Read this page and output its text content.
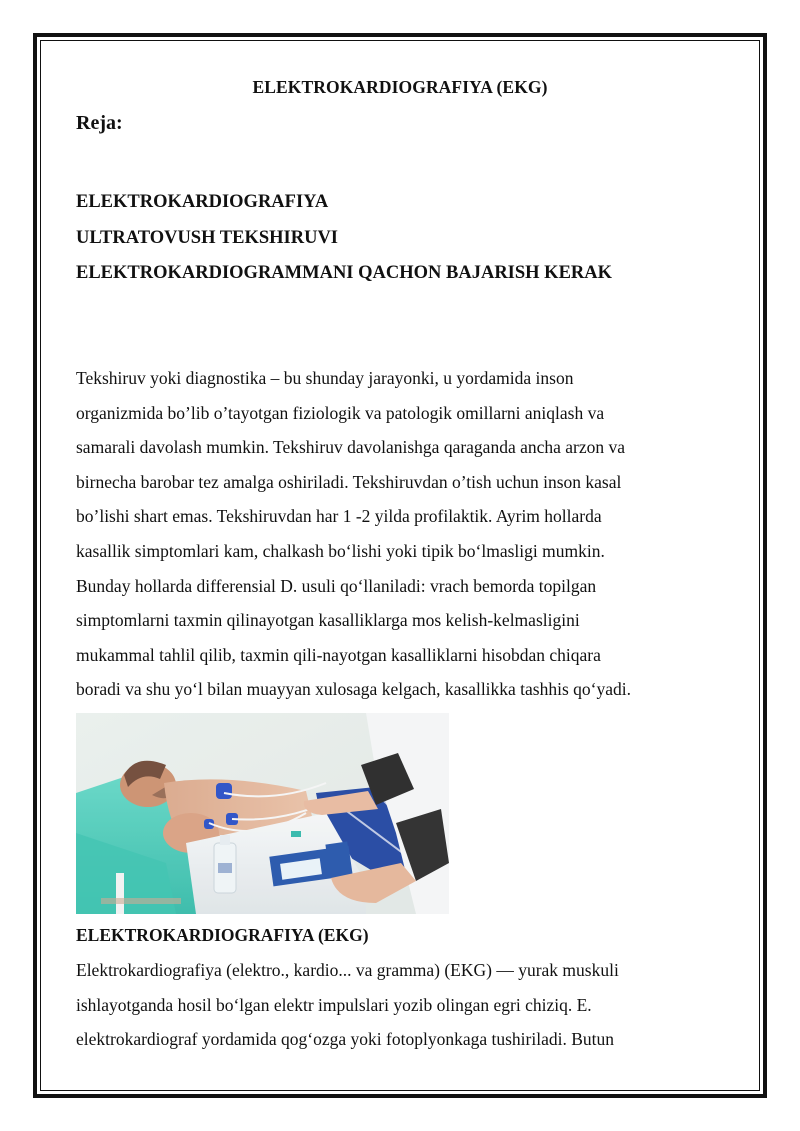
ELEKTROKARDIOGRAFIYA (EKG)
Reja:
ELEKTROKARDIOGRAFIYA
ULTRATOVUSH TEKSHIRUVI
ELEKTROKARDIOGRAMMANI QACHON BAJARISH KERAK

Tekshiruv yoki diagnostika – bu shunday jarayonki, u yordamida inson
organizmida bo’lib o’tayotgan fiziologik va patologik omillarni aniqlash va
samarali davolash mumkin. Tekshiruv davolanishga qaraganda ancha arzon va
birnecha barobar tez amalga oshiriladi. Tekshiruvdan o’tish uchun inson kasal
bo’lishi shart emas. Tekshiruvdan har 1 -2 yilda profilaktik. Ayrim hollarda
kasallik simptomlari kam, chalkash bo‘lishi yoki tipik bo‘lmasligi mumkin.
Bunday hollarda differensial D. usuli qo‘llaniladi: vrach bemorda topilgan
simptomlarni taxmin qilinayotgan kasalliklarga mos kelish-kelmasligini
mukammal tahlil qilib, taxmin qili-nayotgan kasalliklarni hisobdan chiqara
boradi va shu yo‘l bilan muayyan xulosaga kelgach, kasallikka tashhis qo‘yadi.

ELEKTROKARDIOGRAFIYA (EKG)

Elektrokardiografiya (elektro., kardio... va gramma) (EKG) — yurak muskuli
ishlayotganda hosil bo‘lgan elektr impulslari yozib olingan egri chiziq. E.
elektrokardiograf yordamida qog‘ozga yoki fotoplyonkaga tushiriladi. Butun
